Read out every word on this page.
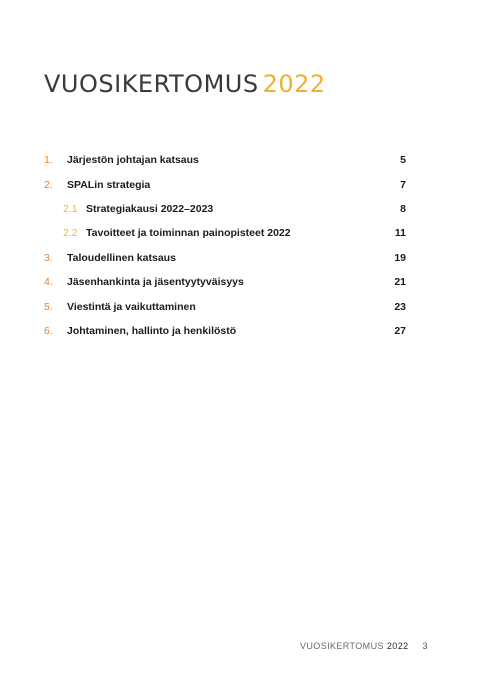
VUOSIKERTOMUS 2022
1.	Järjestön johtajan katsaus	5
2.	SPALin strategia	7
2.1 Strategiakausi 2022–2023	8
2.2 Tavoitteet ja toiminnan painopisteet 2022	11
3.	Taloudellinen katsaus	19
4.	Jäsenhankinta ja jäsentyytyväisyys	21
5.	Viestintä ja vaikuttaminen	23
6.	Johtaminen, hallinto ja henkilöstö	27
VUOSIKERTOMUS 2022 3
